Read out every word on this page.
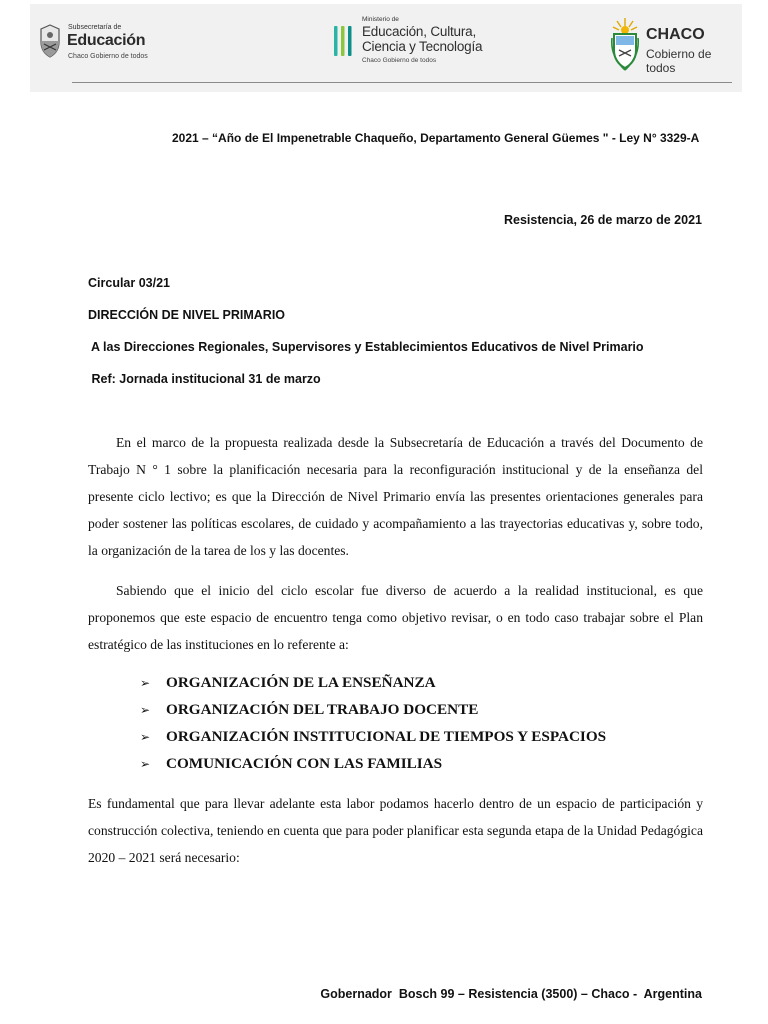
Subsecretaría de
Educación
Chaco Gobierno de todos
Ministerio de
Educación, Cultura,
Ciencia y Tecnología
Chaco Gobierno de todos
CHACO
Cobierno de todos
2021 – “Año de El Impenetrable Chaqueño, Departamento General Güemes " - Ley N° 3329-A
Resistencia, 26 de marzo de 2021
Circular 03/21
DIRECCIÓN DE NIVEL PRIMARIO
A las Direcciones Regionales, Supervisores y Establecimientos Educativos de Nivel Primario
Ref: Jornada institucional 31 de marzo

En el marco de la propuesta realizada desde la Subsecretaría de Educación a través del Documento de Trabajo N ° 1 sobre la planificación necesaria para la reconfiguración institucional y de la enseñanza del presente ciclo lectivo; es que la Dirección de Nivel Primario envía las presentes orientaciones generales para poder sostener las políticas escolares, de cuidado y acompañamiento a las trayectorias educativas y, sobre todo, la organización de la tarea de los y las docentes.

Sabiendo que el inicio del ciclo escolar fue diverso de acuerdo a la realidad institucional, es que proponemos que este espacio de encuentro tenga como objetivo revisar, o en todo caso trabajar sobre el Plan estratégico de las instituciones en lo referente a:

➢ ORGANIZACIÓN DE LA ENSEÑANZA
➢ ORGANIZACIÓN DEL TRABAJO DOCENTE
➢ ORGANIZACIÓN INSTITUCIONAL DE TIEMPOS Y ESPACIOS
➢ COMUNICACIÓN CON LAS FAMILIAS

Es fundamental que para llevar adelante esta labor podamos hacerlo dentro de un espacio de participación y construcción colectiva, teniendo en cuenta que para poder planificar esta segunda etapa de la Unidad Pedagógica 2020 – 2021 será necesario:

Gobernador  Bosch 99 – Resistencia (3500) – Chaco -  Argentina
